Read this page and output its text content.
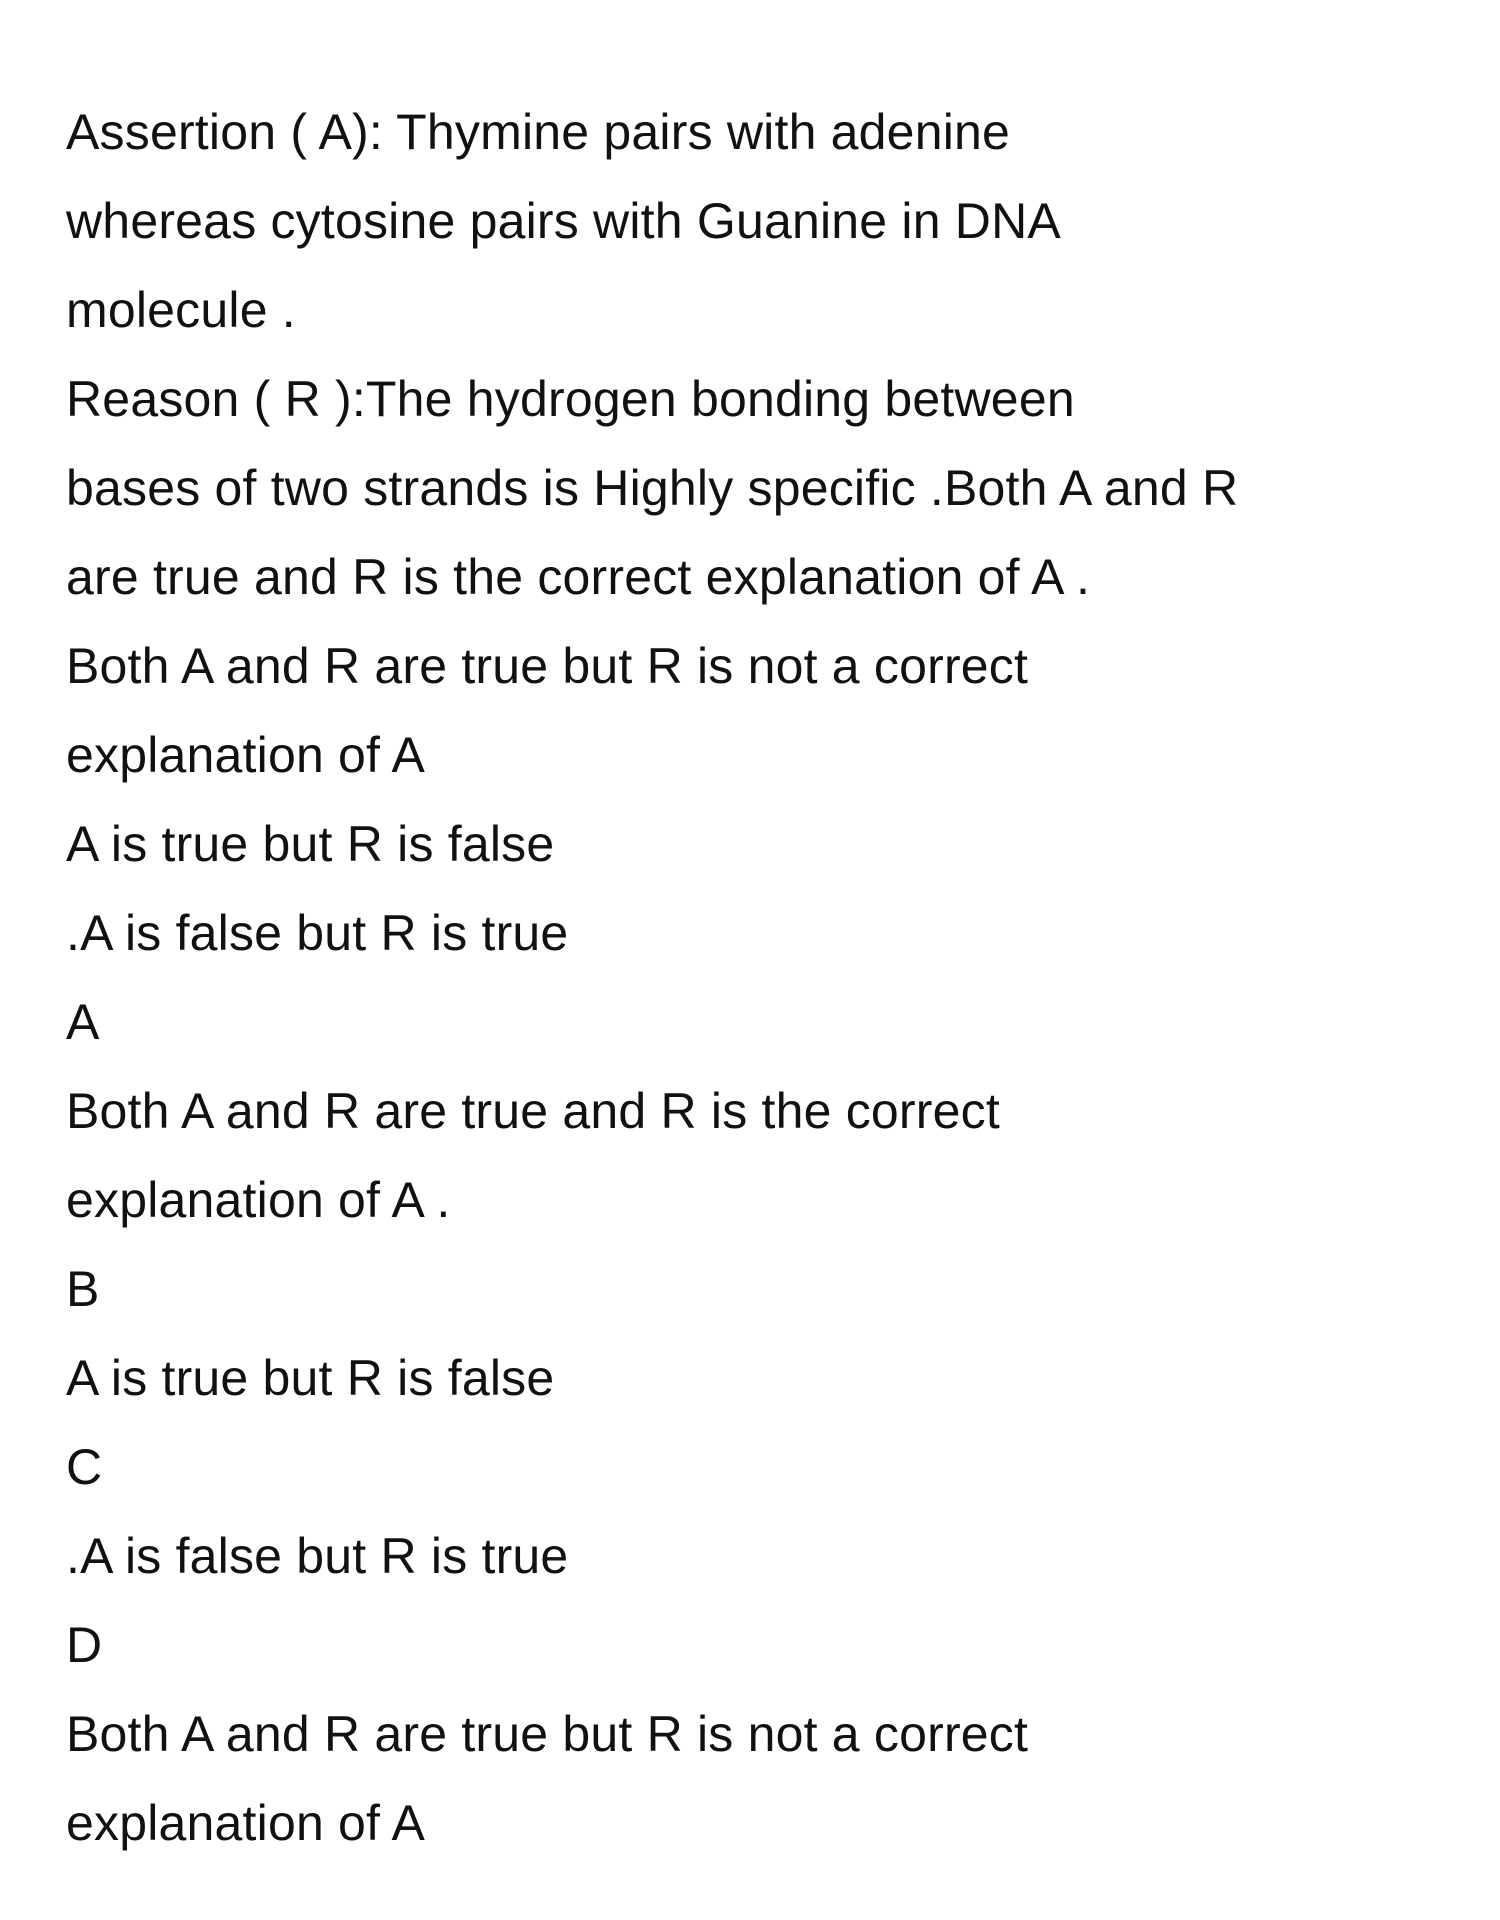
Assertion ( A): Thymine pairs with adenine
whereas cytosine pairs with Guanine in DNA
molecule .
Reason ( R ):The hydrogen bonding between
bases of two strands is Highly specific .Both A and R
are true and R is the correct explanation of A .
Both A and R are true but R is not a correct
explanation of A
A is true but R is false
.A is false but R is true
A
Both A and R are true and R is the correct
explanation of A .
B
A is true but R is false
C
.A is false but R is true
D
Both A and R are true but R is not a correct
explanation of A
